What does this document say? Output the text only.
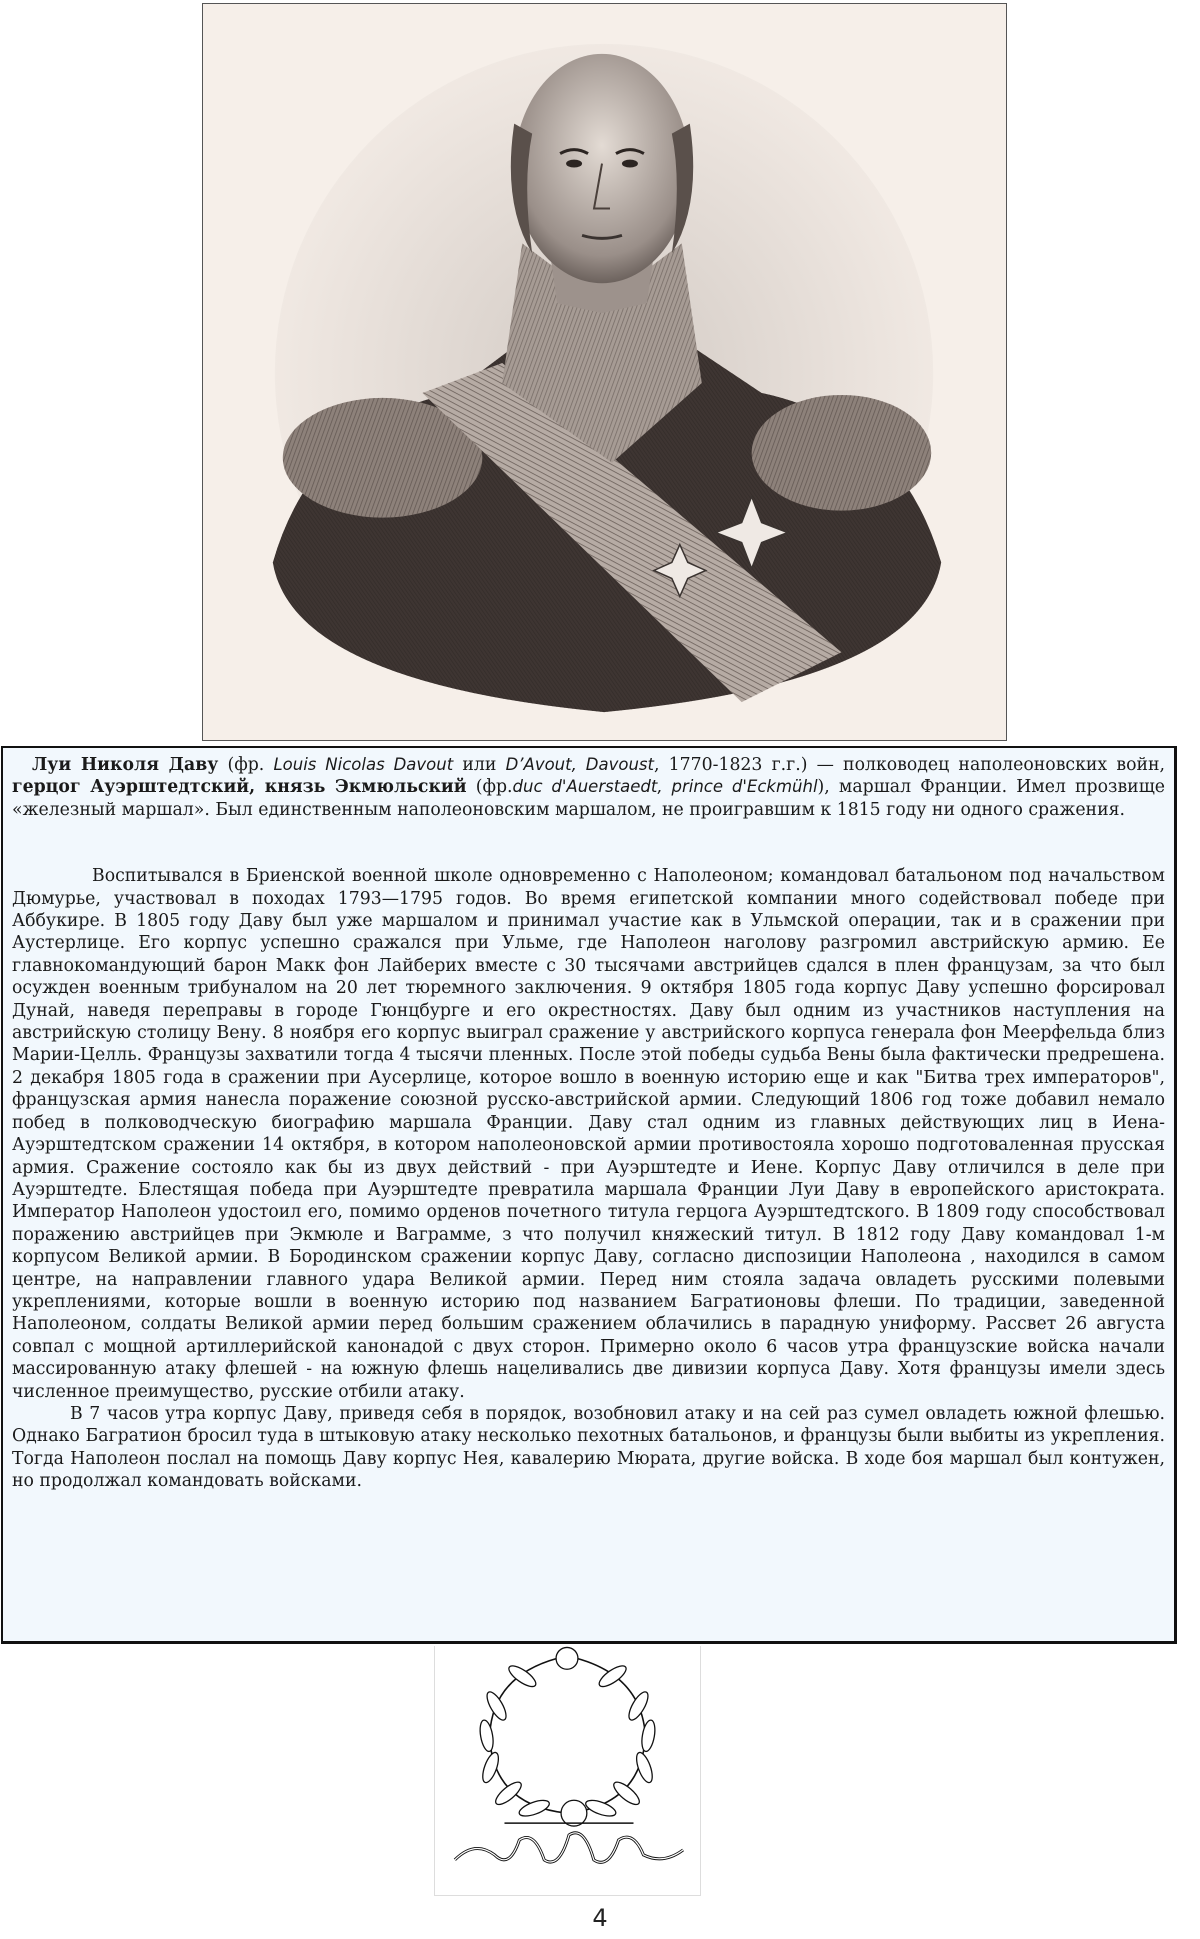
Луи Николя Даву (фр. Louis Nicolas Davout или D’Avout, Davoust, 1770-1823 г.г.) — полководец наполеоновских войн, герцог Ауэрштедтский, князь Экмюльский (фр.duc d'Auerstaedt, prince d'Eckmühl), маршал Франции. Имел прозвище «железный маршал». Был единственным наполеоновским маршалом, не проигравшим к 1815 году ни одного сражения.

Воспитывался в Бриенской военной школе одновременно с Наполеоном; командовал батальоном под начальством Дюмурье, участвовал в походах 1793—1795 годов. Во время египетской компании много содействовал победе при Аббукире. В 1805 году Даву был уже маршалом и принимал участие как в Ульмской операции, так и в сражении при Аустерлице. Его корпус успешно сражался при Ульме, где Наполеон наголову разгромил австрийскую армию. Ее главнокомандующий барон Макк фон Лайберих вместе с 30 тысячами австрийцев сдался в плен французам, за что был осужден военным трибуналом на 20 лет тюремного заключения. 9 октября 1805 года корпус Даву успешно форсировал Дунай, наведя переправы в городе Гюнцбурге и его окрестностях. Даву был одним из участников наступления на австрийскую столицу Вену. 8 ноября его корпус выиграл сражение у австрийского корпуса генерала фон Меерфельда близ Марии-Целль. Французы захватили тогда 4 тысячи пленных. После этой победы судьба Вены была фактически предрешена. 2 декабря 1805 года в сражении при Аусерлице, которое вошло в военную историю еще и как "Битва трех императоров", французская армия нанесла поражение союзной русско-австрийской армии. Следующий 1806 год тоже добавил немало побед в полководческую биографию маршала Франции. Даву стал одним из главных действующих лиц в Иена-Ауэрштедтском сражении 14 октября, в котором наполеоновской армии противостояла хорошо подготоваленная прусская армия. Сражение состояло как бы из двух действий - при Ауэрштедте и Иене. Корпус Даву отличился в деле при Ауэрштедте. Блестящая победа при Ауэрштедте превратила маршала Франции Луи Даву в европейского аристократа. Император Наполеон удостоил его, помимо орденов почетного титула герцога Ауэрштедтского. В 1809 году способствовал поражению австрийцев при Экмюле и Ваграмме, з что получил княжеский титул. В 1812 году Даву командовал 1-м корпусом Великой армии. В Бородинском сражении корпус Даву, согласно диспозиции Наполеона , находился в самом центре, на направлении главного удара Великой армии. Перед ним стояла задача овладеть русскими полевыми укреплениями, которые вошли в военную историю под названием Багратионовы флеши. По традиции, заведенной Наполеоном, солдаты Великой армии перед большим сражением облачились в парадную униформу. Рассвет 26 августа совпал с мощной артиллерийской канонадой с двух сторон. Примерно около 6 часов утра французские войска начали массированную атаку флешей - на южную флешь нацеливались две дивизии корпуса Даву. Хотя французы имели здесь численное преимущество, русские отбили атаку.

В 7 часов утра корпус Даву, приведя себя в порядок, возобновил атаку и на сей раз сумел овладеть южной флешью. Однако Багратион бросил туда в штыковую атаку несколько пехотных батальонов, и французы были выбиты из укрепления. Тогда Наполеон послал на помощь Даву корпус Нея, кавалерию Мюрата, другие войска. В ходе боя маршал был контужен, но продолжал командовать войсками.

4
